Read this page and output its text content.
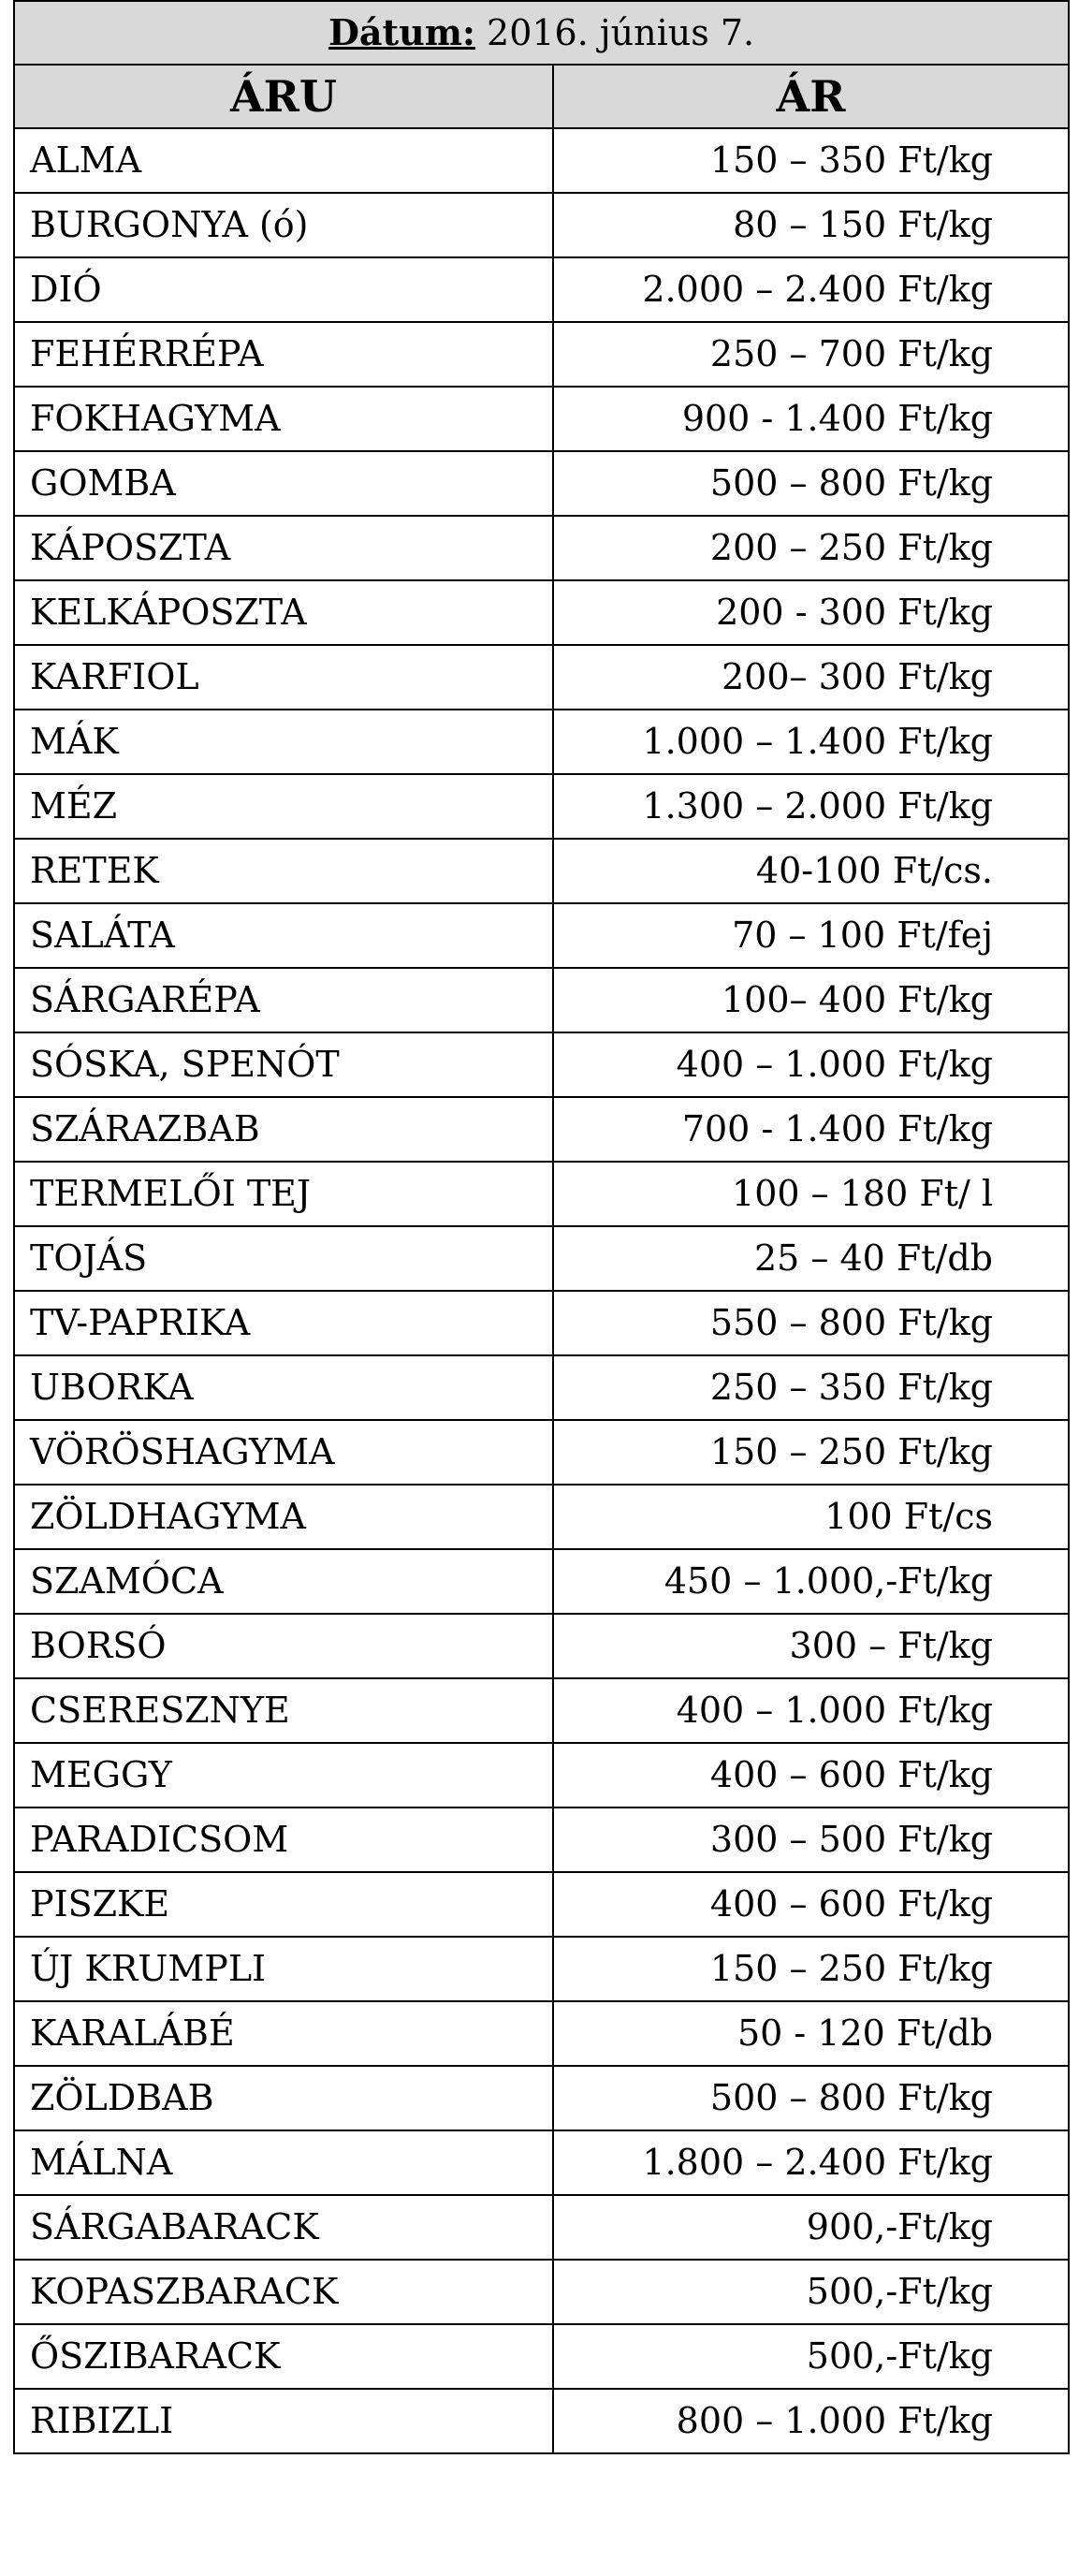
Dátum: 2016. június 7.	
ÁRU	ÁR
ALMA	150 – 350 Ft/kg
BURGONYA (ó)	80 – 150 Ft/kg
DIÓ	2.000 – 2.400 Ft/kg
FEHÉRRÉPA	250 – 700 Ft/kg
FOKHAGYMA	900 - 1.400 Ft/kg
GOMBA	500 – 800 Ft/kg
KÁPOSZTA	200 – 250 Ft/kg
KELKÁPOSZTA	200 - 300 Ft/kg
KARFIOL	200– 300 Ft/kg
MÁK	1.000 – 1.400 Ft/kg
MÉZ	1.300 – 2.000 Ft/kg
RETEK	40-100 Ft/cs.
SALÁTA	70 – 100 Ft/fej
SÁRGARÉPA	100– 400 Ft/kg
SÓSKA, SPENÓT	400 – 1.000 Ft/kg
SZÁRAZBAB	700 - 1.400 Ft/kg
TERMELŐI TEJ	100 – 180 Ft/ l
TOJÁS	25 – 40 Ft/db
TV-PAPRIKA	550 – 800 Ft/kg
UBORKA	250 – 350 Ft/kg
VÖRÖSHAGYMA	150 – 250 Ft/kg
ZÖLDHAGYMA	100 Ft/cs
SZAMÓCA	450 – 1.000,-Ft/kg
BORSÓ	300 – Ft/kg
CSERESZNYE	400 – 1.000 Ft/kg
MEGGY	400 – 600 Ft/kg
PARADICSOM	300 – 500 Ft/kg
PISZKE	400 – 600 Ft/kg
ÚJ KRUMPLI	150 – 250 Ft/kg
KARALÁBÉ	50 - 120 Ft/db
ZÖLDBAB	500 – 800 Ft/kg
MÁLNA	1.800 – 2.400 Ft/kg
SÁRGABARACK	900,-Ft/kg
KOPASZBARACK	500,-Ft/kg
ŐSZIBARACK	500,-Ft/kg
RIBIZLI	800 – 1.000 Ft/kg
